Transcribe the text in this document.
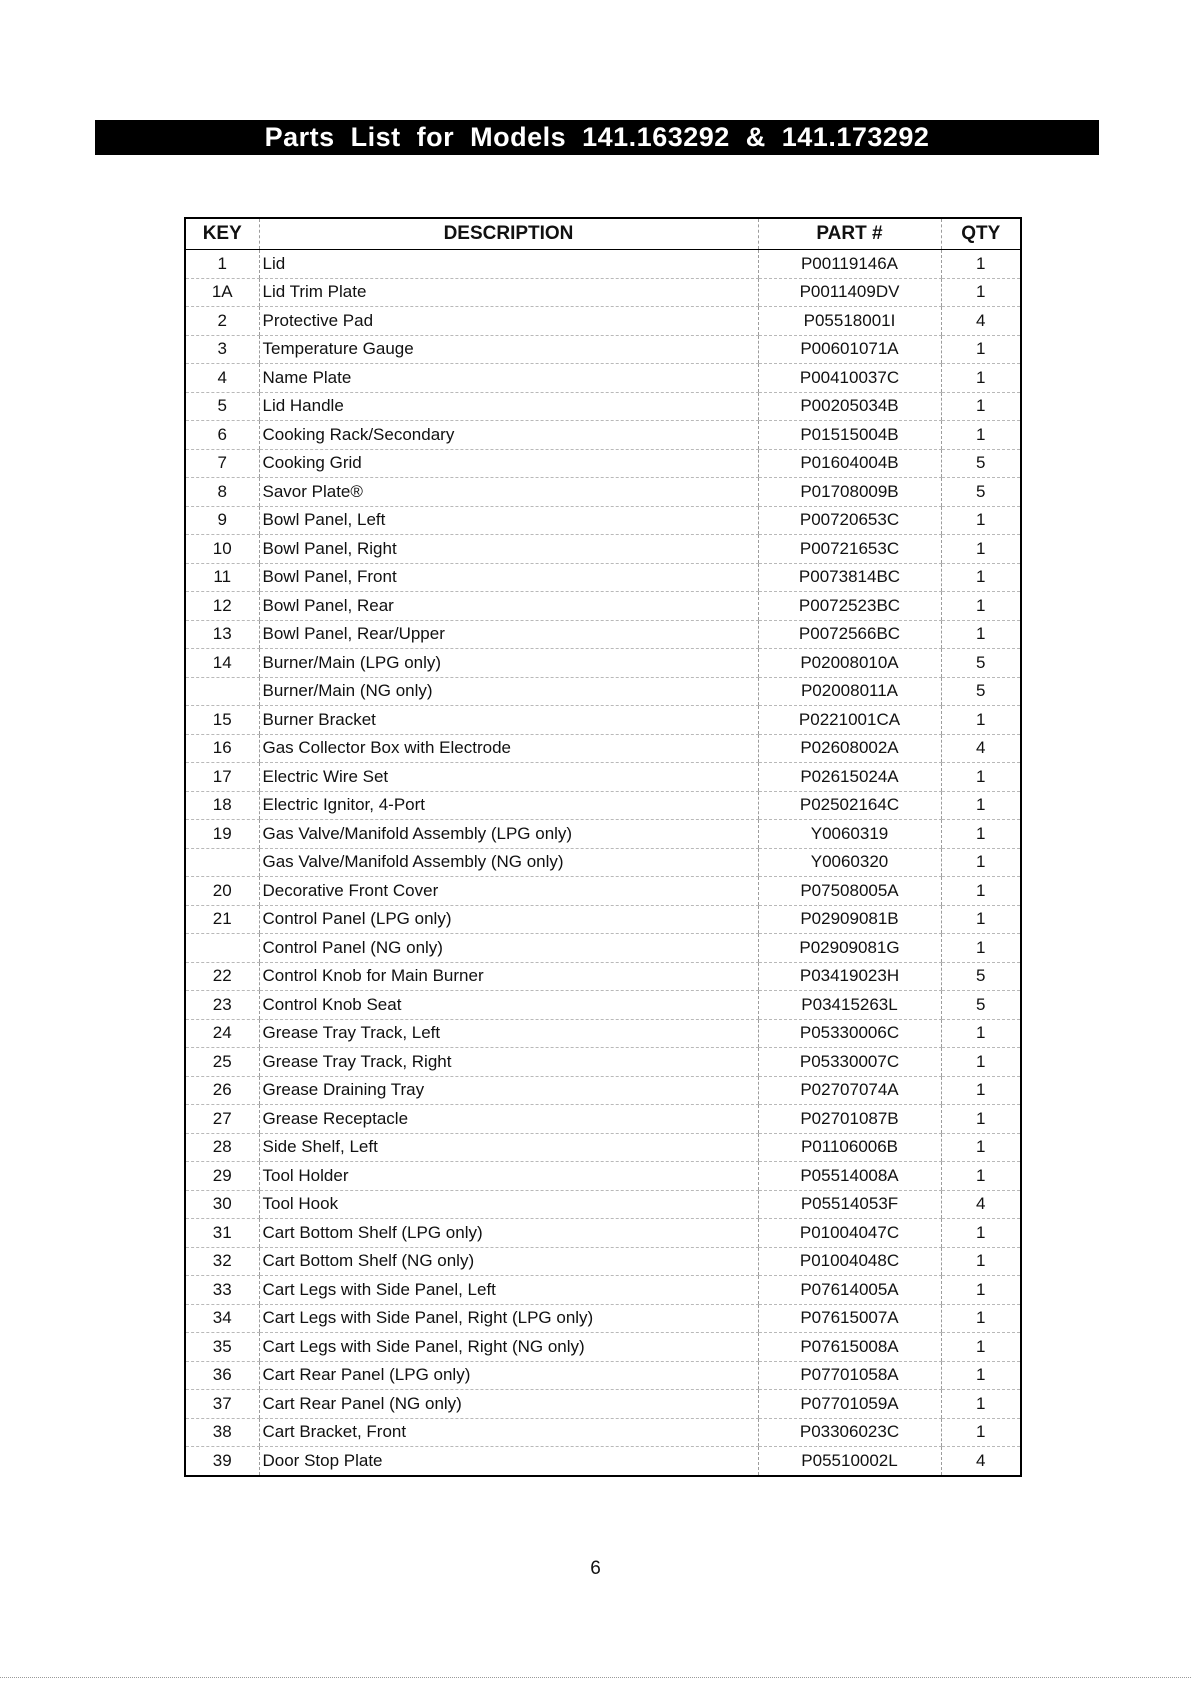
Parts List for Models 141.163292 & 141.173292
KEY	DESCRIPTION	PART #	QTY
1	Lid	P00119146A	1
1A	Lid Trim Plate	P0011409DV	1
2	Protective Pad	P05518001I	4
3	Temperature Gauge	P00601071A	1
4	Name Plate	P00410037C	1
5	Lid Handle	P00205034B	1
6	Cooking Rack/Secondary	P01515004B	1
7	Cooking Grid	P01604004B	5
8	Savor Plate®	P01708009B	5
9	Bowl Panel, Left	P00720653C	1
10	Bowl Panel, Right	P00721653C	1
11	Bowl Panel, Front	P0073814BC	1
12	Bowl Panel, Rear	P0072523BC	1
13	Bowl Panel, Rear/Upper	P0072566BC	1
14	Burner/Main (LPG only)	P02008010A	5
	Burner/Main (NG only)	P02008011A	5
15	Burner Bracket	P0221001CA	1
16	Gas Collector Box with Electrode	P02608002A	4
17	Electric Wire Set	P02615024A	1
18	Electric Ignitor, 4-Port	P02502164C	1
19	Gas Valve/Manifold Assembly (LPG only)	Y0060319	1
	Gas Valve/Manifold Assembly (NG only)	Y0060320	1
20	Decorative Front Cover	P07508005A	1
21	Control Panel (LPG only)	P02909081B	1
	Control Panel (NG only)	P02909081G	1
22	Control Knob for Main Burner	P03419023H	5
23	Control Knob Seat	P03415263L	5
24	Grease Tray Track, Left	P05330006C	1
25	Grease Tray Track, Right	P05330007C	1
26	Grease Draining Tray	P02707074A	1
27	Grease Receptacle	P02701087B	1
28	Side Shelf, Left	P01106006B	1
29	Tool Holder	P05514008A	1
30	Tool Hook	P05514053F	4
31	Cart Bottom Shelf (LPG only)	P01004047C	1
32	Cart Bottom Shelf (NG only)	P01004048C	1
33	Cart Legs with Side Panel, Left	P07614005A	1
34	Cart Legs with Side Panel, Right (LPG only)	P07615007A	1
35	Cart Legs with Side Panel, Right (NG only)	P07615008A	1
36	Cart Rear Panel (LPG only)	P07701058A	1
37	Cart Rear Panel (NG only)	P07701059A	1
38	Cart Bracket, Front	P03306023C	1
39	Door Stop Plate	P05510002L	4
6
